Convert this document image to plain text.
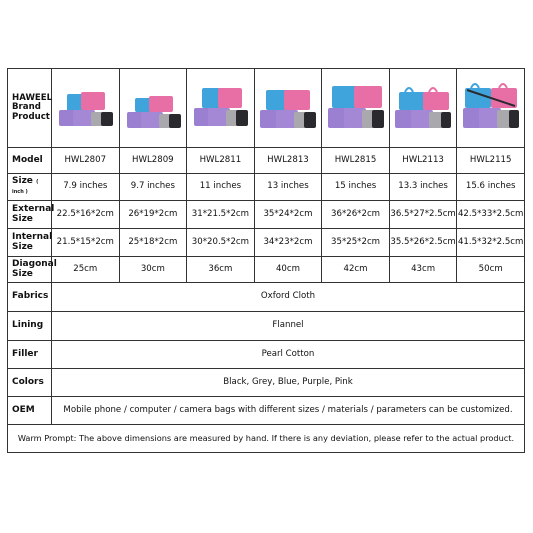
HAWEEL
Brand
Product	

Model	HWL2807	HWL2809	HWL2811	HWL2813	HWL2815	HWL2113	HWL2115
Size ( inch )	7.9 inches	9.7 inches	11 inches	13 inches	15 inches	13.3 inches	15.6 inches
External
Size	22.5*16*2cm	26*19*2cm	31*21.5*2cm	35*24*2cm	36*26*2cm	36.5*27*2.5cm	42.5*33*2.5cm
Internal
Size	21.5*15*2cm	25*18*2cm	30*20.5*2cm	34*23*2cm	35*25*2cm	35.5*26*2.5cm	41.5*32*2.5cm
Diagonal
Size	25cm	30cm	36cm	40cm	42cm	43cm	50cm
Fabrics	Oxford Cloth						
Lining	Flannel						
Filler	Pearl Cotton						
Colors	Black, Grey, Blue, Purple, Pink						
OEM	Mobile phone / computer / camera bags with different sizes / materials / parameters can be customized.						
Warm Prompt: The above dimensions are measured by hand. If there is any deviation, please refer to the actual product.							
